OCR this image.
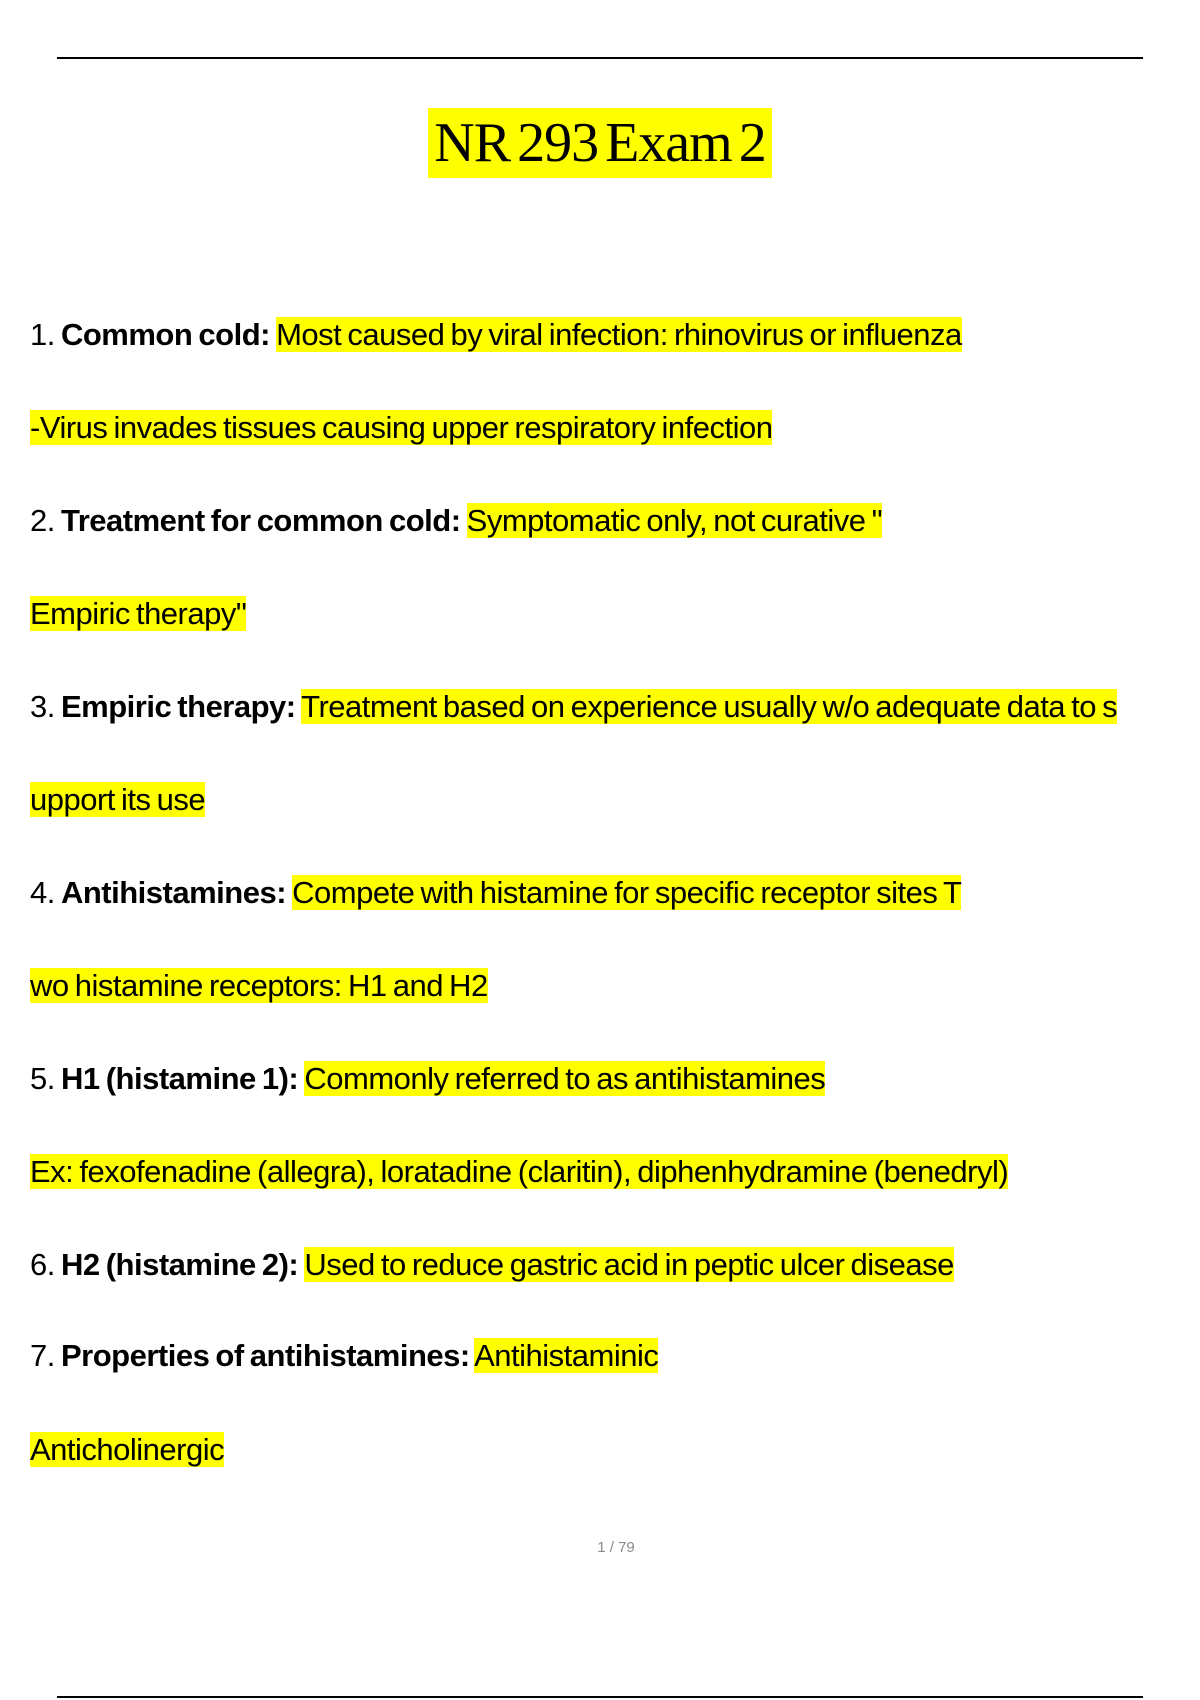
NR 293 Exam 2
1. Common cold: Most caused by viral infection: rhinovirus or influenza
-Virus invades tissues causing upper respiratory infection
2. Treatment for common cold: Symptomatic only, not curative "
Empiric therapy"
3. Empiric therapy: Treatment based on experience usually w/o adequate data to s
upport its use
4. Antihistamines: Compete with histamine for specific receptor sites T
wo histamine receptors: H1 and H2
5. H1 (histamine 1): Commonly referred to as antihistamines
Ex: fexofenadine (allegra), loratadine (claritin), diphenhydramine (benedryl)
6. H2 (histamine 2): Used to reduce gastric acid in peptic ulcer disease
7. Properties of antihistamines: Antihistaminic
Anticholinergic
1 / 79
